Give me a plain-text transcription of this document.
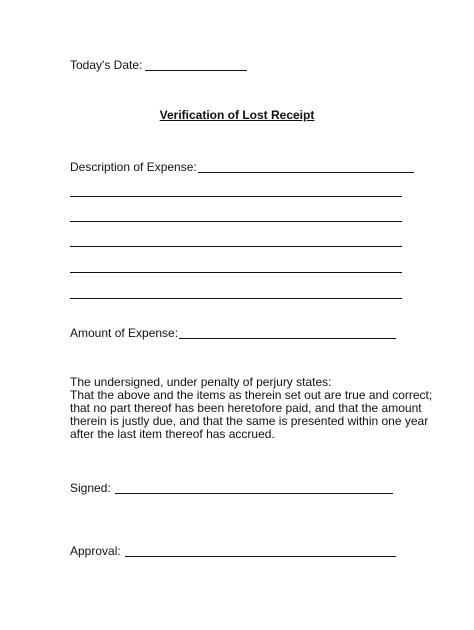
Today's Date:
Verification of Lost Receipt
Description of Expense:
Amount of Expense:
The undersigned, under penalty of perjury states:
That the above and the items as therein set out are true and correct;
that no part thereof has been heretofore paid, and that the amount
therein is justly due, and that the same is presented within one year
after the last item thereof has accrued.
Signed:
Approval:
